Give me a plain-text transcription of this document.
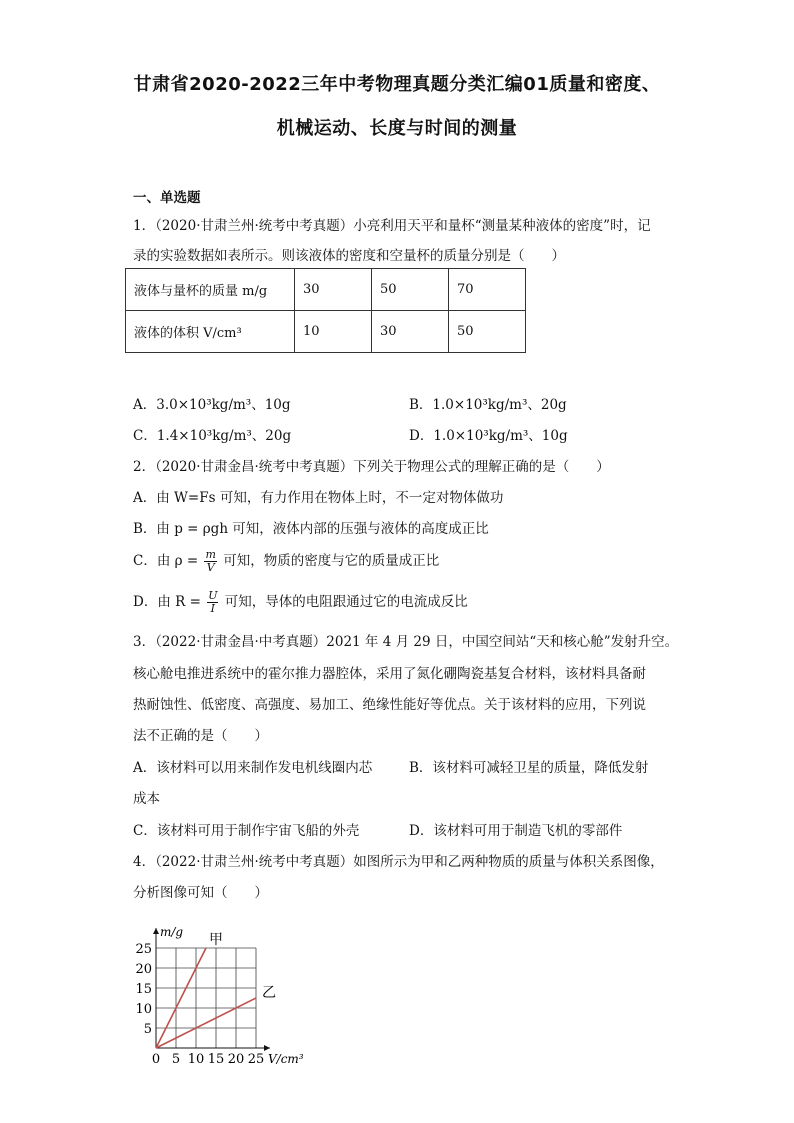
甘肃省2020-2022三年中考物理真题分类汇编01质量和密度、
机械运动、长度与时间的测量
一、单选题
1．（2020·甘肃兰州·统考中考真题）小亮利用天平和量杯“测量某种液体的密度”时，记
录的实验数据如表所示。则该液体的密度和空量杯的质量分别是（　　）
液体与量杯的质量 m/g	30	50	70
液体的体积 V/cm³	10	30	50
A．3.0×10³kg/m³、10g	B．1.0×10³kg/m³、20g
C．1.4×10³kg/m³、20g	D．1.0×10³kg/m³、10g
2．（2020·甘肃金昌·统考中考真题）下列关于物理公式的理解正确的是（　　）
A．由 W=Fs 可知，有力作用在物体上时，不一定对物体做功
B．由 p = ρgh 可知，液体内部的压强与液体的高度成正比
C．由 $\rho = \frac{m}{V}$ 可知，物质的密度与它的质量成正比
D．由 $R = \frac{U}{I}$ 可知，导体的电阻跟通过它的电流成反比
3．（2022·甘肃金昌·中考真题）2021 年 4 月 29 日，中国空间站“天和核心舱”发射升空。
核心舱电推进系统中的霍尔推力器腔体，采用了氮化硼陶瓷基复合材料，该材料具备耐
热耐蚀性、低密度、高强度、易加工、绝缘性能好等优点。关于该材料的应用，下列说
法不正确的是（　　）
A．该材料可以用来制作发电机线圈内芯	B．该材料可减轻卫星的质量，降低发射
成本
C．该材料可用于制作宇宙飞船的外壳	D．该材料可用于制造飞机的零部件
4．（2022·甘肃兰州·统考中考真题）如图所示为甲和乙两种物质的质量与体积关系图像，
分析图像可知（　　）
0 5 10 15 20 25
5
10
15
20
25
m/g
V/cm³
甲
乙
